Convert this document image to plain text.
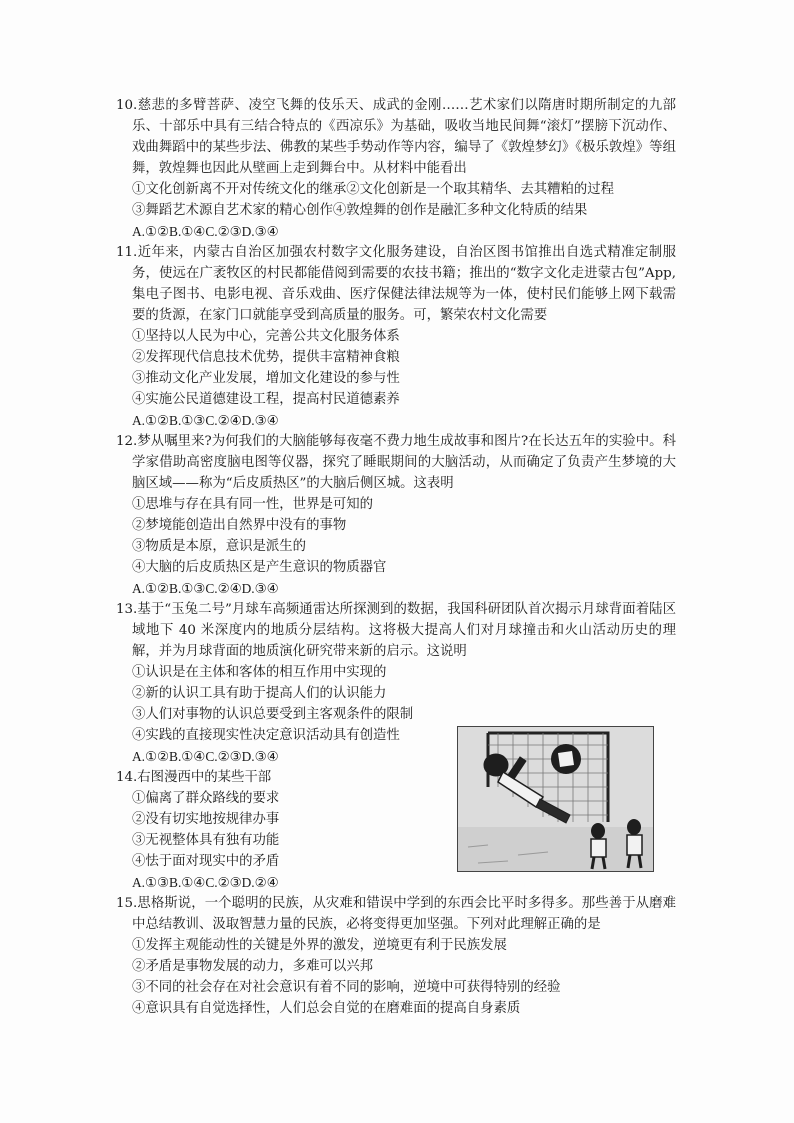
10.慈悲的多臂菩萨、凌空飞舞的伎乐天、成武的金刚……艺术家们以隋唐时期所制定的九部乐、十部乐中具有三结合特点的《西凉乐》为基础，吸收当地民间舞“滚灯”摆膀下沉动作、戏曲舞蹈中的某些步法、佛教的某些手势动作等内容，编导了《敦煌梦幻》《极乐敦煌》等组舞，敦煌舞也因此从壁画上走到舞台中。从材料中能看出

①文化创新离不开对传统文化的继承②文化创新是一个取其精华、去其糟粕的过程

③舞蹈艺术源自艺术家的精心创作④敦煌舞的创作是融汇多种文化特质的结果

A.①②B.①④C.②③D.③④

11.近年来，内蒙古自治区加强农村数字文化服务建设，自治区图书馆推出自选式精准定制服务，使远在广袤牧区的村民都能借阅到需要的农技书籍；推出的“数字文化走进蒙古包”App,集电子图书、电影电视、音乐戏曲、医疗保健法律法规等为一体，使村民们能够上网下载需要的货源，在家门口就能享受到高质量的服务。可，繁荣农村文化需要

①坚持以人民为中心，完善公共文化服务体系

②发挥现代信息技术优势，提供丰富精神食粮

③推动文化产业发展，增加文化建设的参与性

④实施公民道德建设工程，提高村民道德素养

A.①②B.①③C.②④D.③④

12.梦从嘱里来?为何我们的大脑能够每夜毫不费力地生成故事和图片?在长达五年的实验中。科学家借助高密度脑电图等仪器，探究了睡眠期间的大脑活动，从而确定了负责产生梦境的大脑区域——称为“后皮质热区”的大脑后侧区城。这表明

①思堆与存在具有同一性，世界是可知的

②梦境能创造出自然界中没有的事物

③物质是本原，意识是派生的

④大脑的后皮质热区是产生意识的物质器官

A.①②B.①③C.②④D.③④

13.基于“玉兔二号”月球车高频通雷达所探测到的数据，我国科研团队首次揭示月球背面着陆区域地下 40 米深度内的地质分层结构。这将极大提高人们对月球撞击和火山活动历史的理解，并为月球背面的地质演化研究带来新的启示。这说明

①认识是在主体和客体的相互作用中实现的

②新的认识工具有助于提高人们的认识能力

③人们对事物的认识总要受到主客观条件的限制

④实践的直接现实性决定意识活动具有创造性

A.①②B.①④C.②③D.③④

14.右图漫西中的某些干部

①偏离了群众路线的要求

②没有切实地按规律办事

③无视整体具有独有功能

④怯于面对现实中的矛盾

A.①③B.①④C.②③D.②④

15.思格斯说，一个聪明的民族，从灾难和错误中学到的东西会比平时多得多。那些善于从磨难中总结教训、汲取智慧力量的民族，必将变得更加坚强。下列对此理解正确的是

①发挥主观能动性的关键是外界的激发，逆境更有利于民族发展

②矛盾是事物发展的动力，多难可以兴邦

③不同的社会存在对社会意识有着不同的影响，逆境中可获得特别的经验

④意识具有自觉选择性，人们总会自觉的在磨难面的提高自身素质
